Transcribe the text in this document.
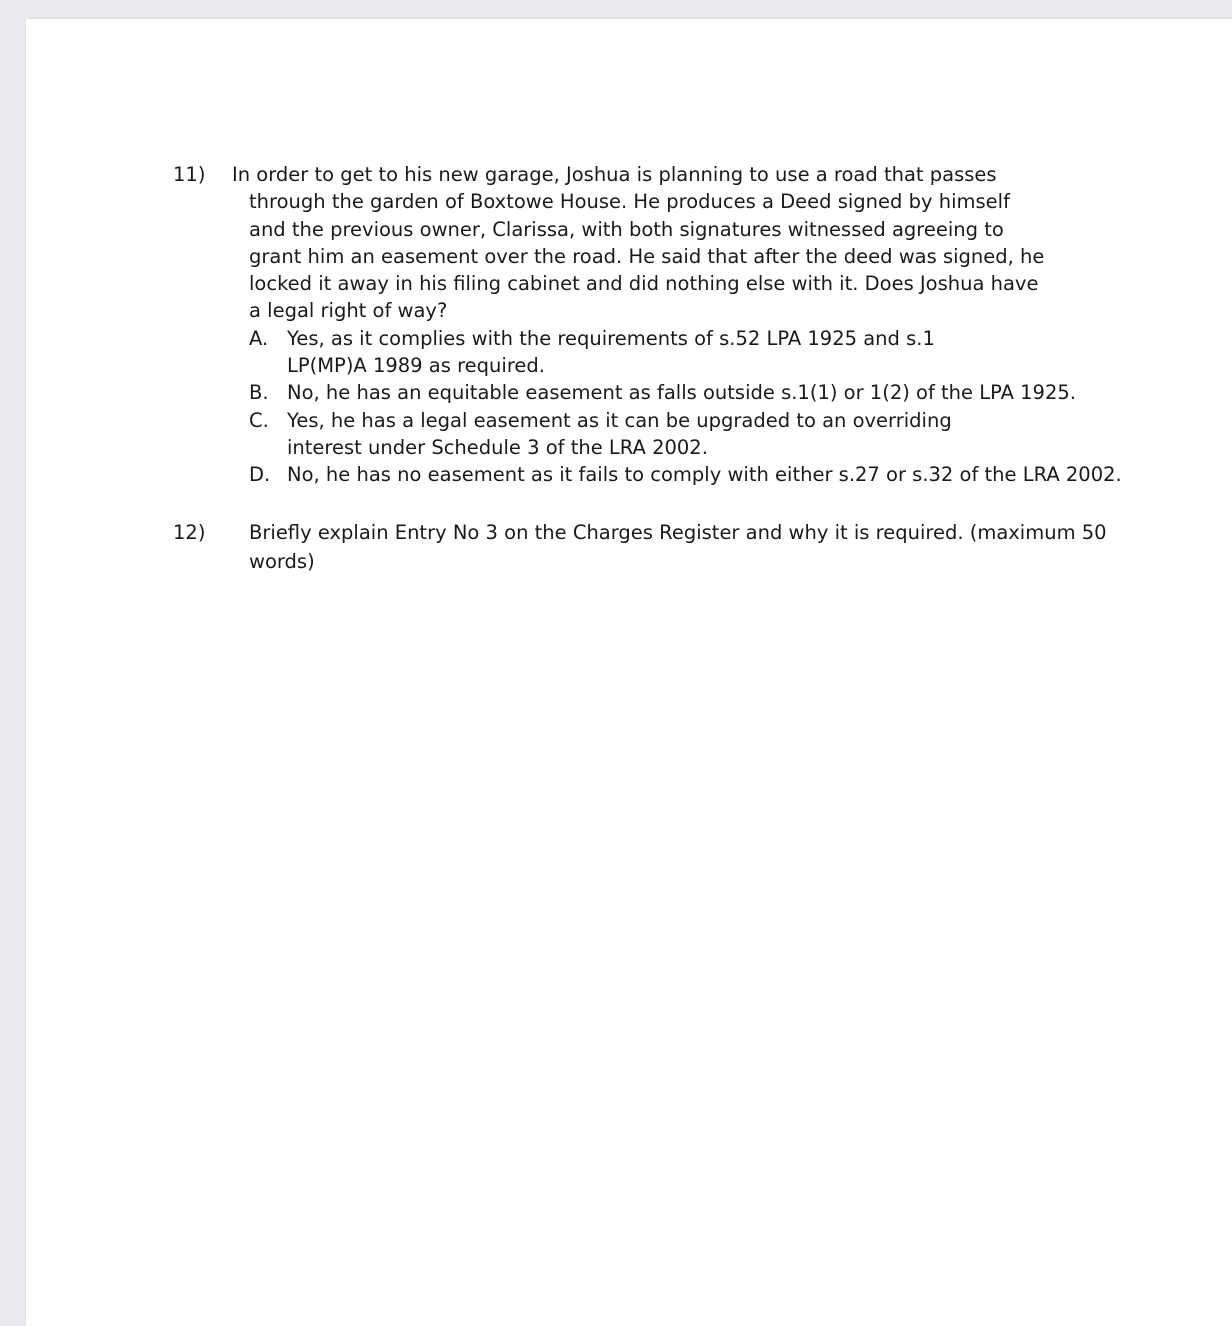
11) In order to get to his new garage, Joshua is planning to use a road that passes
through the garden of Boxtowe House. He produces a Deed signed by himself
and the previous owner, Clarissa, with both signatures witnessed agreeing to
grant him an easement over the road. He said that after the deed was signed, he
locked it away in his filing cabinet and did nothing else with it. Does Joshua have
a legal right of way?
A. Yes, as it complies with the requirements of s.52 LPA 1925 and s.1
LP(MP)A 1989 as required.
B. No, he has an equitable easement as falls outside s.1(1) or 1(2) of the LPA 1925.
C. Yes, he has a legal easement as it can be upgraded to an overriding
interest under Schedule 3 of the LRA 2002.
D. No, he has no easement as it fails to comply with either s.27 or s.32 of the LRA 2002.
12) Briefly explain Entry No 3 on the Charges Register and why it is required. (maximum 50
words)
